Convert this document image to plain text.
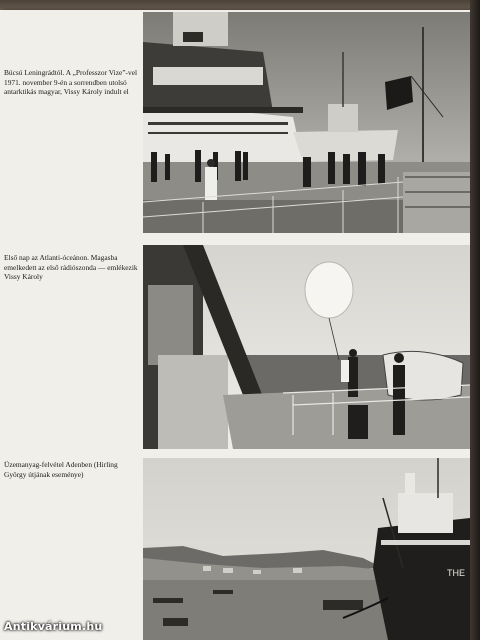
Búcsú Leningrádtól. A „Professzor Vize”-vel 1971. november 9-én a sorrendben utolsó antarktikás magyar, Vissy Károly indult el

Első nap az Atlanti-óceánon. Magasba emelkedett az első rádiószonda — emlékezik Vissy Károly

Üzemanyag-felvétel Adenben (Hirling György útjának eseménye)

THE
Antikvárium.hu
